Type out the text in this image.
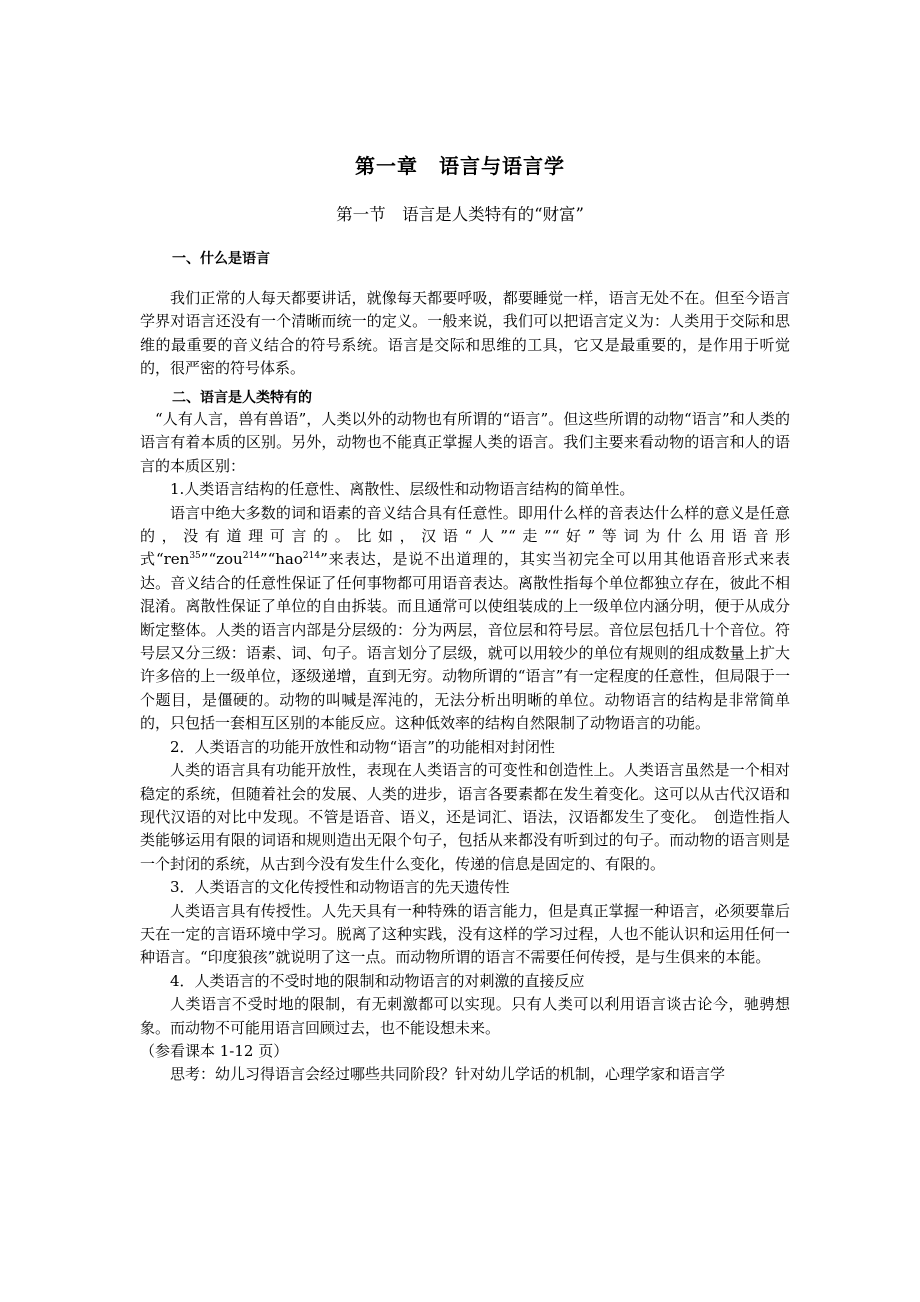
第一章　语言与语言学
第一节　语言是人类特有的“财富”
一、什么是语言

我们正常的人每天都要讲话，就像每天都要呼吸，都要睡觉一样，语言无处不在。但至今语言学界对语言还没有一个清晰而统一的定义。一般来说，我们可以把语言定义为：人类用于交际和思维的最重要的音义结合的符号系统。语言是交际和思维的工具，它又是最重要的，是作用于听觉的，很严密的符号体系。

二、语言是人类特有的

“人有人言，兽有兽语”，人类以外的动物也有所谓的“语言”。但这些所谓的动物“语言”和人类的语言有着本质的区别。另外，动物也不能真正掌握人类的语言。我们主要来看动物的语言和人的语言的本质区别：

1.人类语言结构的任意性、离散性、层级性和动物语言结构的简单性。

语言中绝大多数的词和语素的音义结合具有任意性。即用什么样的音表达什么样的意义是任意的，没有道理可言的。比如，汉语“人”“走”“好”等词为什么用语音形式“ren$^{35}$”“zou$^{214}$”“hao$^{214}$”来表达，是说不出道理的，其实当初完全可以用其他语音形式来表达。音义结合的任意性保证了任何事物都可用语音表达。离散性指每个单位都独立存在，彼此不相混淆。离散性保证了单位的自由拆装。而且通常可以使组装成的上一级单位内涵分明，便于从成分断定整体。人类的语言内部是分层级的：分为两层，音位层和符号层。音位层包括几十个音位。符号层又分三级：语素、词、句子。语言划分了层级，就可以用较少的单位有规则的组成数量上扩大许多倍的上一级单位，逐级递增，直到无穷。动物所谓的“语言”有一定程度的任意性，但局限于一个题目，是僵硬的。动物的叫喊是浑沌的，无法分析出明晰的单位。动物语言的结构是非常简单的，只包括一套相互区别的本能反应。这种低效率的结构自然限制了动物语言的功能。

2．人类语言的功能开放性和动物“语言”的功能相对封闭性

人类的语言具有功能开放性，表现在人类语言的可变性和创造性上。人类语言虽然是一个相对稳定的系统，但随着社会的发展、人类的进步，语言各要素都在发生着变化。这可以从古代汉语和现代汉语的对比中发现。不管是语音、语义，还是词汇、语法，汉语都发生了变化。　创造性指人类能够运用有限的词语和规则造出无限个句子，包括从来都没有听到过的句子。而动物的语言则是一个封闭的系统，从古到今没有发生什么变化，传递的信息是固定的、有限的。

3．人类语言的文化传授性和动物语言的先天遗传性

人类语言具有传授性。人先天具有一种特殊的语言能力，但是真正掌握一种语言，必须要靠后天在一定的言语环境中学习。脱离了这种实践，没有这样的学习过程，人也不能认识和运用任何一种语言。“印度狼孩”就说明了这一点。而动物所谓的语言不需要任何传授，是与生俱来的本能。

4．人类语言的不受时地的限制和动物语言的对刺激的直接反应

人类语言不受时地的限制，有无刺激都可以实现。只有人类可以利用语言谈古论今，驰骋想象。而动物不可能用语言回顾过去，也不能设想未来。

（参看课本 1-12 页）

思考：幼儿习得语言会经过哪些共同阶段？针对幼儿学话的机制，心理学家和语言学
